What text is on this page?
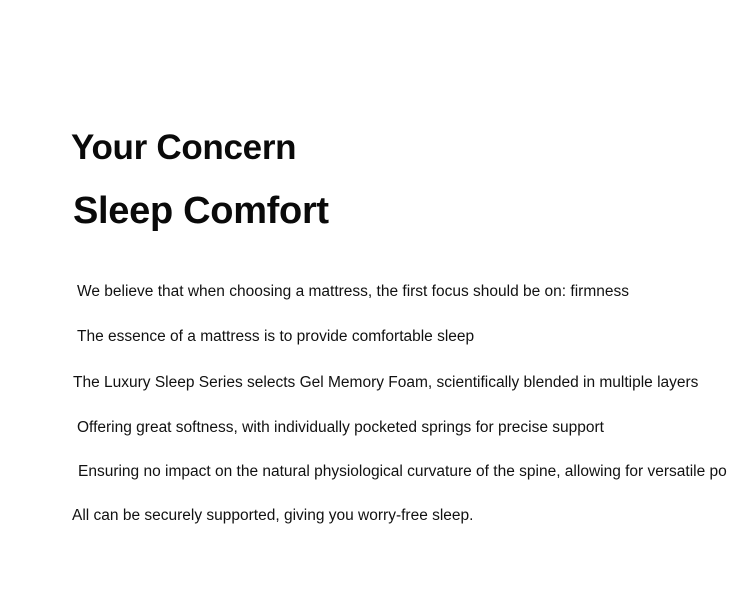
Your Concern
Sleep Comfort

We believe that when choosing a mattress, the first focus should be on: firmness

The essence of a mattress is to provide comfortable sleep

The Luxury Sleep Series selects Gel Memory Foam, scientifically blended in multiple layers

Offering great softness, with individually pocketed springs for precise support

Ensuring no impact on the natural physiological curvature of the spine, allowing for versatile po

All can be securely supported, giving you worry-free sleep.
